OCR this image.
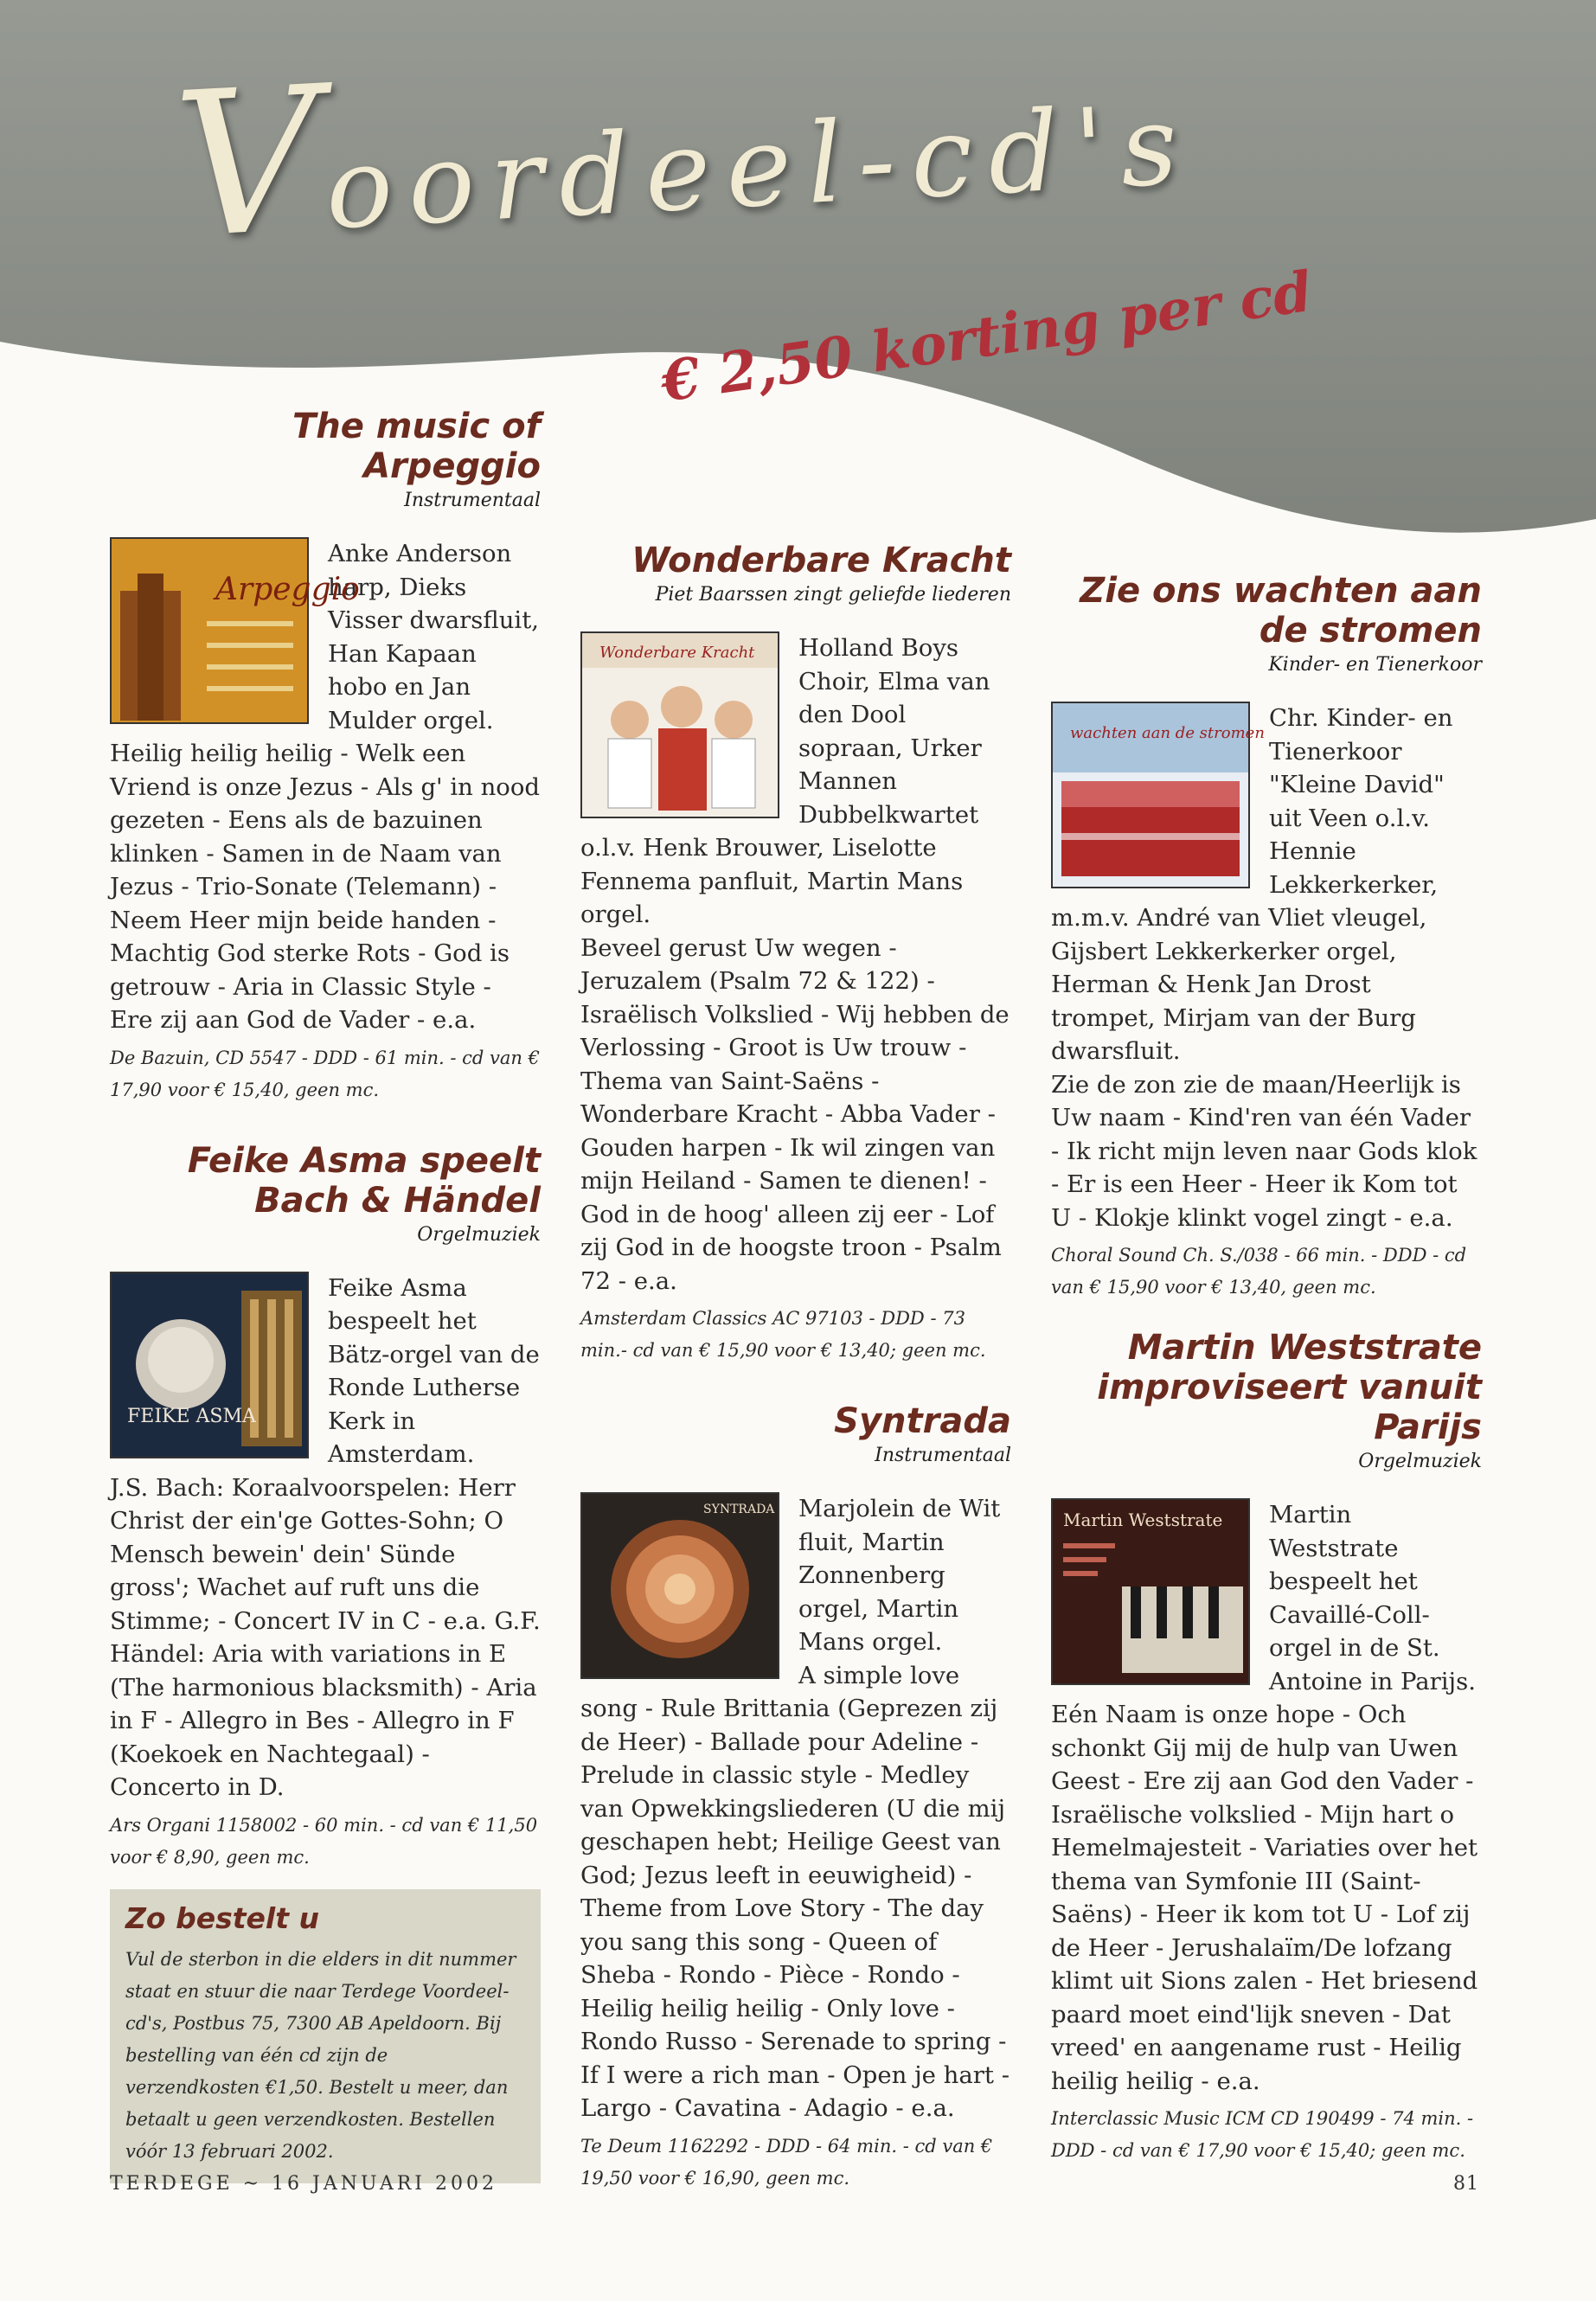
Voordeel-cd's
€ 2,50 korting per cd
The music of Arpeggio
Instrumentaal
Arpeggio

Anke Anderson harp, Dieks Visser dwarsfluit, Han Kapaan hobo en Jan Mulder orgel.

Heilig heilig heilig - Welk een Vriend is onze Jezus - Als g' in nood gezeten - Eens als de bazuinen klinken - Samen in de Naam van Jezus - Trio-Sonate (Telemann) - Neem Heer mijn beide handen - Machtig God sterke Rots - God is getrouw - Aria in Classic Style - Ere zij aan God de Vader - e.a.

De Bazuin, CD 5547 - DDD - 61 min. - cd van € 17,90 voor € 15,40, geen mc.

Feike Asma speelt Bach & Händel
Orgelmuziek
FEIKE ASMA

Feike Asma bespeelt het Bätz-orgel van de Ronde Lutherse Kerk in Amsterdam.

J.S. Bach: Koraalvoorspelen: Herr Christ der ein'ge Gottes-Sohn; O Mensch bewein' dein' Sünde gross'; Wachet auf ruft uns die Stimme; - Concert IV in C - e.a. G.F. Händel: Aria with variations in E (The harmonious blacksmith) - Aria in F - Allegro in Bes - Allegro in F (Koekoek en Nachtegaal) - Concerto in D.

Ars Organi 1158002 - 60 min. - cd van € 11,50 voor € 8,90, geen mc.

Zo bestelt u

Vul de sterbon in die elders in dit nummer staat en stuur die naar Terdege Voordeel-cd's, Postbus 75, 7300 AB Apeldoorn. Bij bestelling van één cd zijn de verzendkosten €1,50. Bestelt u meer, dan betaalt u geen verzendkosten. Bestellen vóór 13 februari 2002.

Wonderbare Kracht
Piet Baarssen zingt geliefde liederen
Wonderbare Kracht	Holland Boys Choir, Elma van den Dool sopraan, Urker Mannen Dubbelkwartet o.l.v. Henk Brouwer, Liselotte Fennema panfluit, Martin Mans orgel.

Beveel gerust Uw wegen - Jeruzalem (Psalm 72 & 122) - Israëlisch Volkslied - Wij hebben de Verlossing - Groot is Uw trouw - Thema van Saint-Saëns - Wonderbare Kracht - Abba Vader - Gouden harpen - Ik wil zingen van mijn Heiland - Samen te dienen! - God in de hoog' alleen zij eer - Lof zij God in de hoogste troon - Psalm 72 - e.a.

Amsterdam Classics AC 97103 - DDD - 73 min.- cd van € 15,90 voor € 13,40; geen mc.

Syntrada
Instrumentaal
SYNTRADA	Marjolein de Wit fluit, Martin Zonnenberg orgel, Martin Mans orgel.

A simple love song - Rule Brittania (Geprezen zij de Heer) - Ballade pour Adeline - Prelude in classic style - Medley van Opwekkingsliederen (U die mij geschapen hebt; Heilige Geest van God; Jezus leeft in eeuwigheid) - Theme from Love Story - The day you sang this song - Queen of Sheba - Rondo - Pièce - Rondo - Heilig heilig heilig - Only love - Rondo Russo - Serenade to spring - If I were a rich man - Open je hart - Largo - Cavatina - Adagio - e.a.

Te Deum 1162292 - DDD - 64 min. - cd van € 19,50 voor € 16,90, geen mc.

Zie ons wachten aan de stromen
Kinder- en Tienerkoor
wachten aan de stromen

Chr. Kinder- en Tienerkoor "Kleine David" uit Veen o.l.v. Hennie Lekkerkerker, m.m.v. André van Vliet vleugel, Gijsbert Lekkerkerker orgel, Herman & Henk Jan Drost trompet, Mirjam van der Burg dwarsfluit.

Zie de zon zie de maan/Heerlijk is Uw naam - Kind'ren van één Vader - Ik richt mijn leven naar Gods klok - Er is een Heer - Heer ik Kom tot U - Klokje klinkt vogel zingt - e.a.

Choral Sound Ch. S./038 - 66 min. - DDD - cd van € 15,90 voor € 13,40, geen mc.

Martin Weststrate improviseert vanuit Parijs
Orgelmuziek
Martin Weststrate	Martin Weststrate bespeelt het Cavaillé-Coll-orgel in de St. Antoine in Parijs.

Eén Naam is onze hope - Och schonkt Gij mij de hulp van Uwen Geest - Ere zij aan God den Vader - Israëlische volkslied - Mijn hart o Hemelmajesteit - Variaties over het thema van Symfonie III (Saint-Saëns) - Heer ik kom tot U - Lof zij de Heer - Jerushalaïm/De lofzang klimt uit Sions zalen - Het briesend paard moet eind'lijk sneven - Dat vreed' en aangename rust - Heilig heilig heilig - e.a.

Interclassic Music ICM CD 190499 - 74 min. - DDD - cd van € 17,90 voor € 15,40; geen mc.

TERDEGE ~ 16 JANUARI 2002	81
